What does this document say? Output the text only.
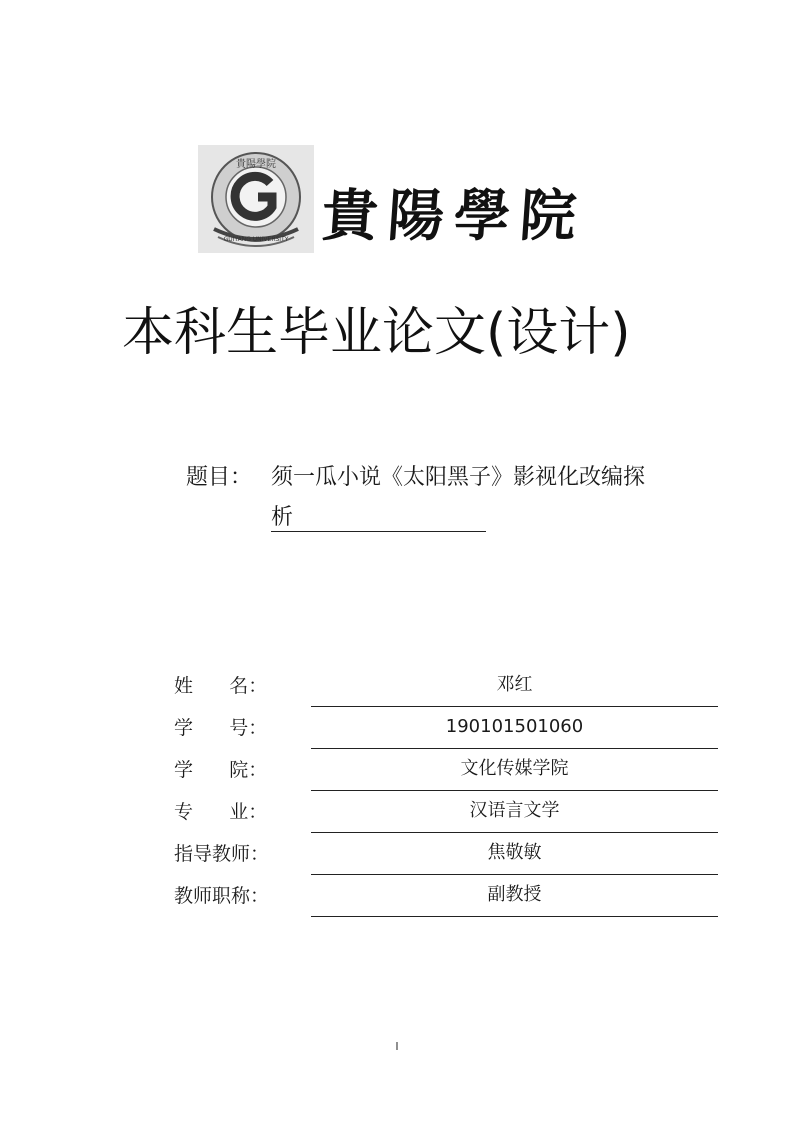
貴陽學院
GUIYANG UNIVERSITY 貴陽學院
本科生毕业论文(设计)
题目： 须一瓜小说《太阳黑子》影视化改编探
析
姓      名：	邓红
学      号：	190101501060
学      院：	文化传媒学院
专      业：	汉语言文学
指导教师：	焦敬敏
教师职称：	副教授
I
